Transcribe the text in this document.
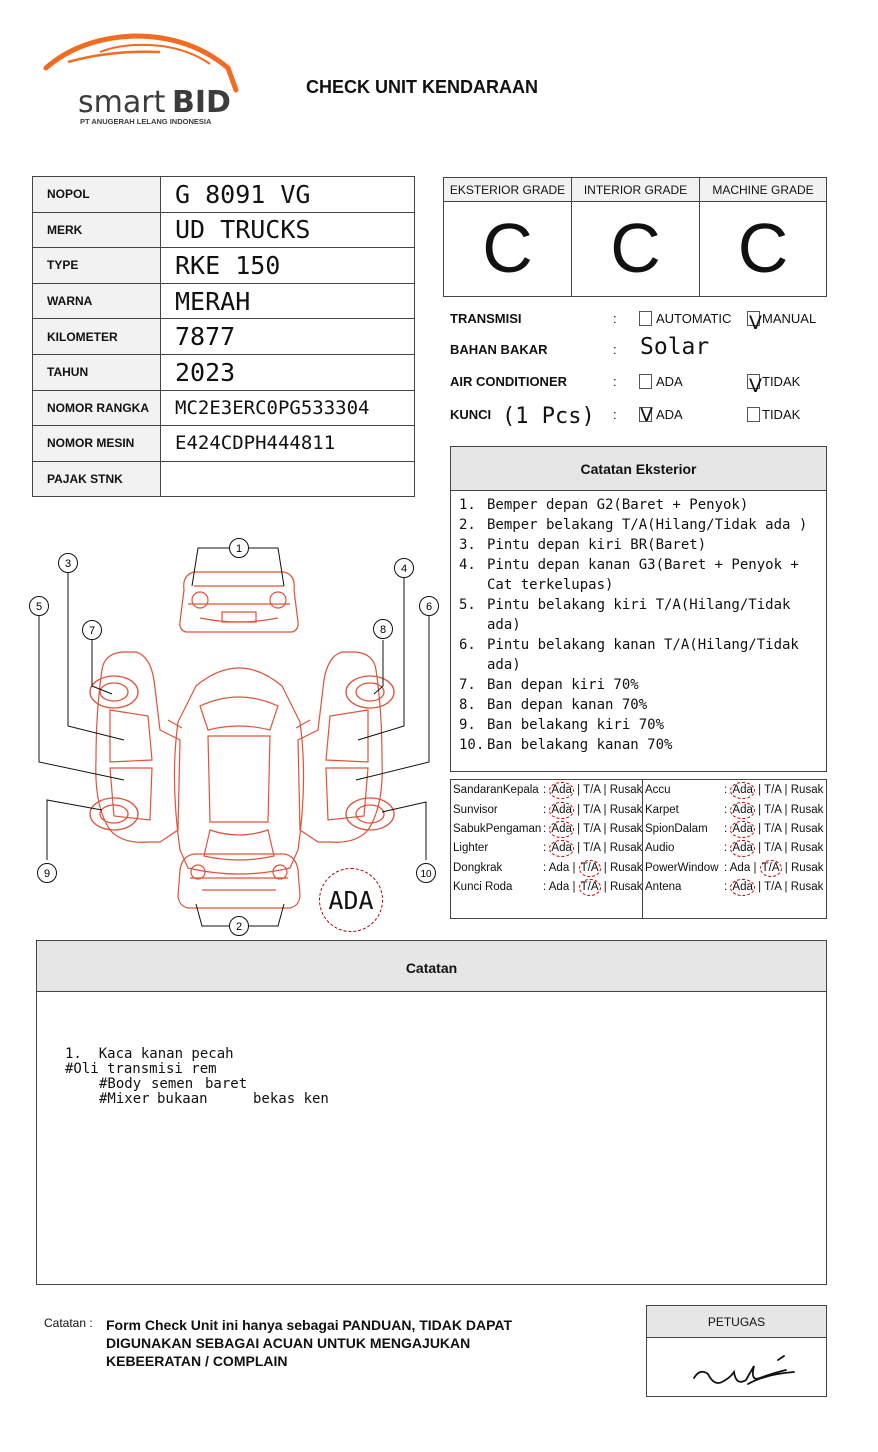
smart BID
PT ANUGERAH LELANG INDONESIA
CHECK UNIT KENDARAAN
NOPOL	G 8091 VG
MERK	UD TRUCKS
TYPE	RKE 150
WARNA	MERAH
KILOMETER	7877
TAHUN	2023
NOMOR RANGKA	MC2E3ERC0PG533304
NOMOR MESIN	E424CDPH444811
PAJAK STNK	
EKSTERIOR GRADE
C
INTERIOR GRADE
C
MACHINE GRADE
C
TRANSMISI	:	AUTOMATIC V MANUAL
BAHAN BAKAR	: Solar
AIR CONDITIONER	:	ADA	V TIDAK
KUNCI (1 Pcs) : V ADA	TIDAK
Catatan Eksterior
1. Bemper depan G2(Baret + Penyok)
2. Bemper belakang T/A(Hilang/Tidak ada )
3. Pintu depan kiri BR(Baret)
4. Pintu depan kanan G3(Baret + Penyok + Cat terkelupas)
5. Pintu belakang kiri T/A(Hilang/Tidak ada)
6. Pintu belakang kanan T/A(Hilang/Tidak ada)
7. Ban depan kiri 70%
8. Ban depan kanan 70%
9. Ban belakang kiri 70%
10. Ban belakang kanan 70%
SandaranKepala : Ada | T/A | Rusak
Sunvisor	: Ada | T/A | Rusak
SabukPengaman : Ada | T/A | Rusak
Lighter	: Ada | T/A | Rusak
Dongkrak	: Ada | T/A | Rusak
Kunci Roda	: Ada | T/A | Rusak
Accu	: Ada | T/A | Rusak
Karpet	: Ada | T/A | Rusak
SpionDalam : Ada | T/A | Rusak
Audio	: Ada | T/A | Rusak
PowerWindow : Ada | T/A | Rusak
Antena	: Ada | T/A | Rusak
1
2
3	4
5	6
7	8
9	10
ADA
Catatan
1.  Kaca kanan pecah
#Oli transmisi rem
#Body semen baret
#Mixer	bekas ken
bukaan
Catatan : Form Check Unit ini hanya sebagai PANDUAN, TIDAK DAPAT DIGUNAKAN SEBAGAI ACUAN UNTUK MENGAJUKAN KEBEERATAN / COMPLAIN
PETUGAS
